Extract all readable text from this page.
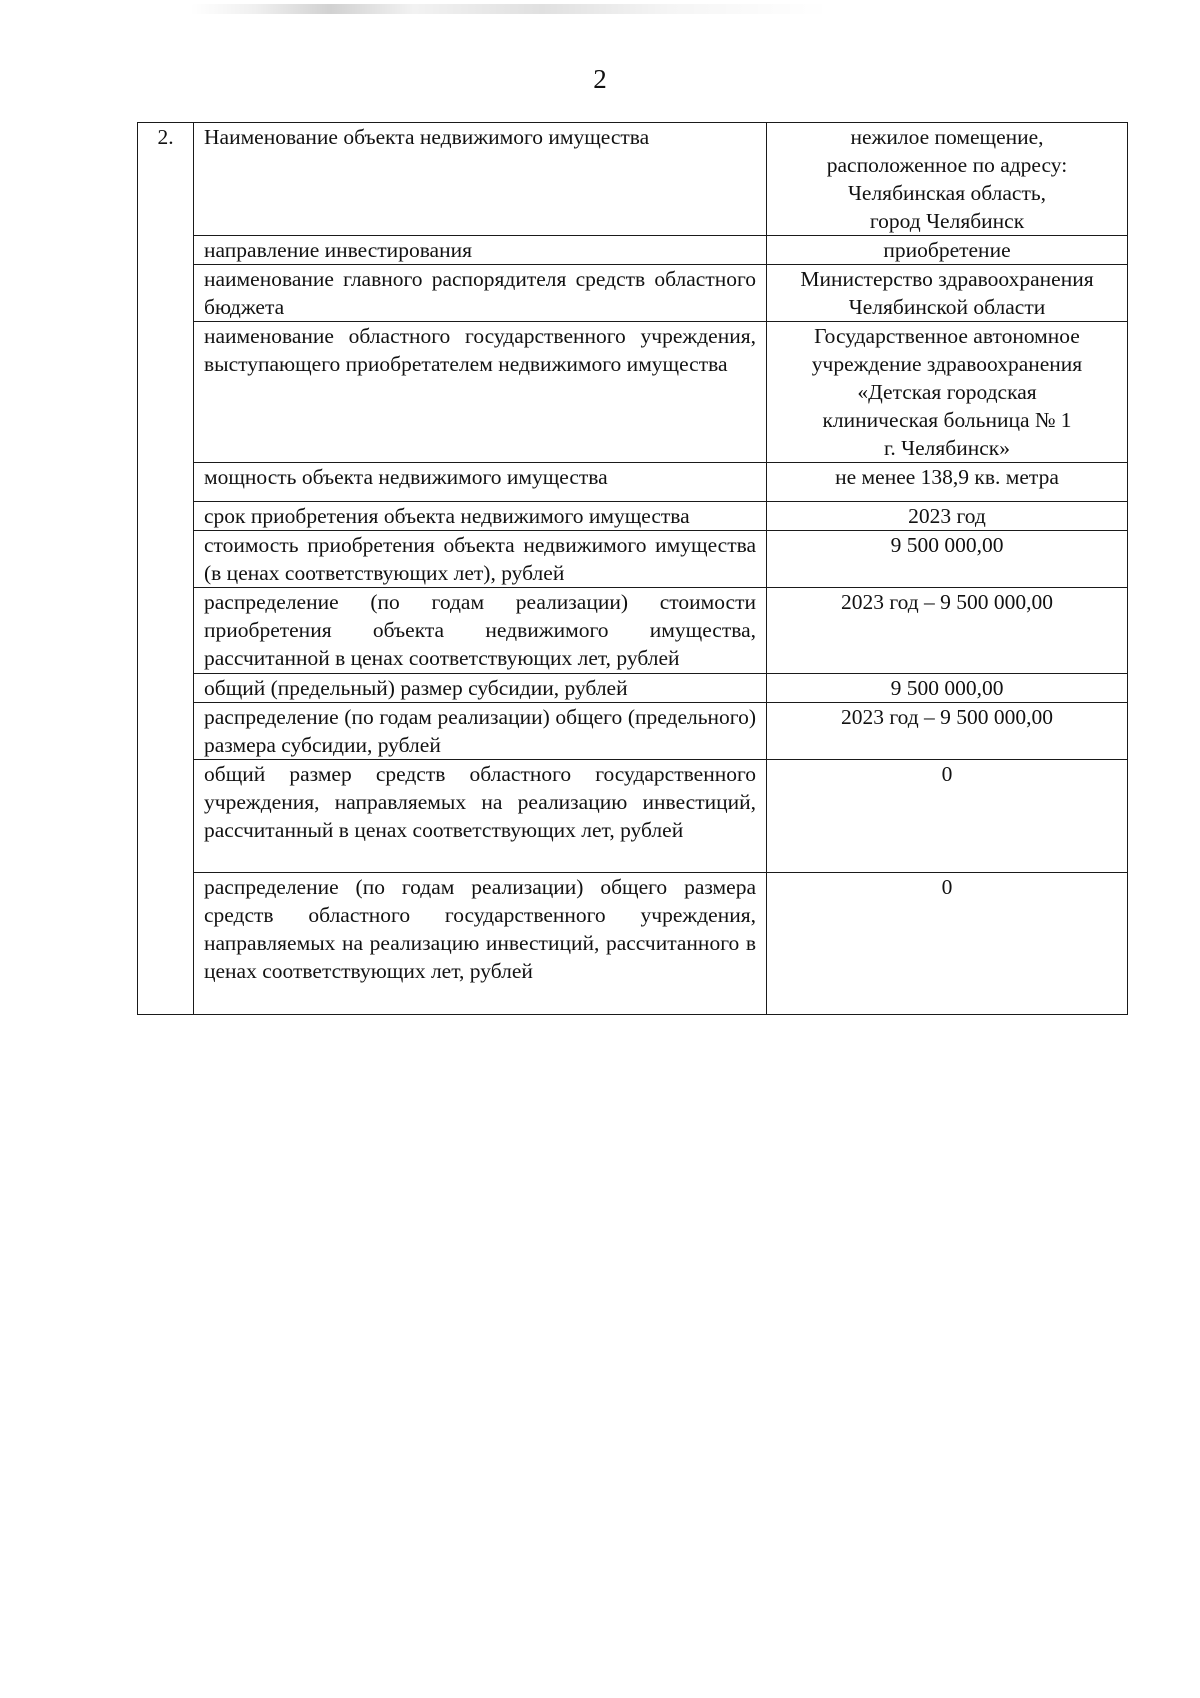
2
2.	Наименование объекта недвижимого имущества	нежилое помещение,
расположенное по адресу:
Челябинская область,
город Челябинск

	направление инвестирования	приобретение

	наименование главного распорядителя средств областного бюджета	Министерство здравоохранения
Челябинской области

	наименование областного государственного учреждения, выступающего приобретателем недвижимого имущества	Государственное автономное
учреждение здравоохранения
«Детская городская
клиническая больница № 1
г. Челябинск»

	мощность объекта недвижимого имущества	не менее 138,9 кв. метра

	срок приобретения объекта недвижимого имущества	2023 год

	стоимость приобретения объекта недвижимого имущества (в ценах соответствующих лет), рублей	9 500 000,00

	распределение (по годам реализации) стоимости приобретения объекта недвижимого имущества, рассчитанной в ценах соответствующих лет, рублей	2023 год – 9 500 000,00

	общий (предельный) размер субсидии, рублей	9 500 000,00

	распределение (по годам реализации) общего (предельного) размера субсидии, рублей	2023 год – 9 500 000,00

	общий размер средств областного государственного учреждения, направляемых на реализацию инвестиций, рассчитанный в ценах соответствующих лет, рублей	0

	распределение (по годам реализации) общего размера средств областного государственного учреждения, направляемых на реализацию инвестиций, рассчитанного в ценах соответствующих лет, рублей	0
